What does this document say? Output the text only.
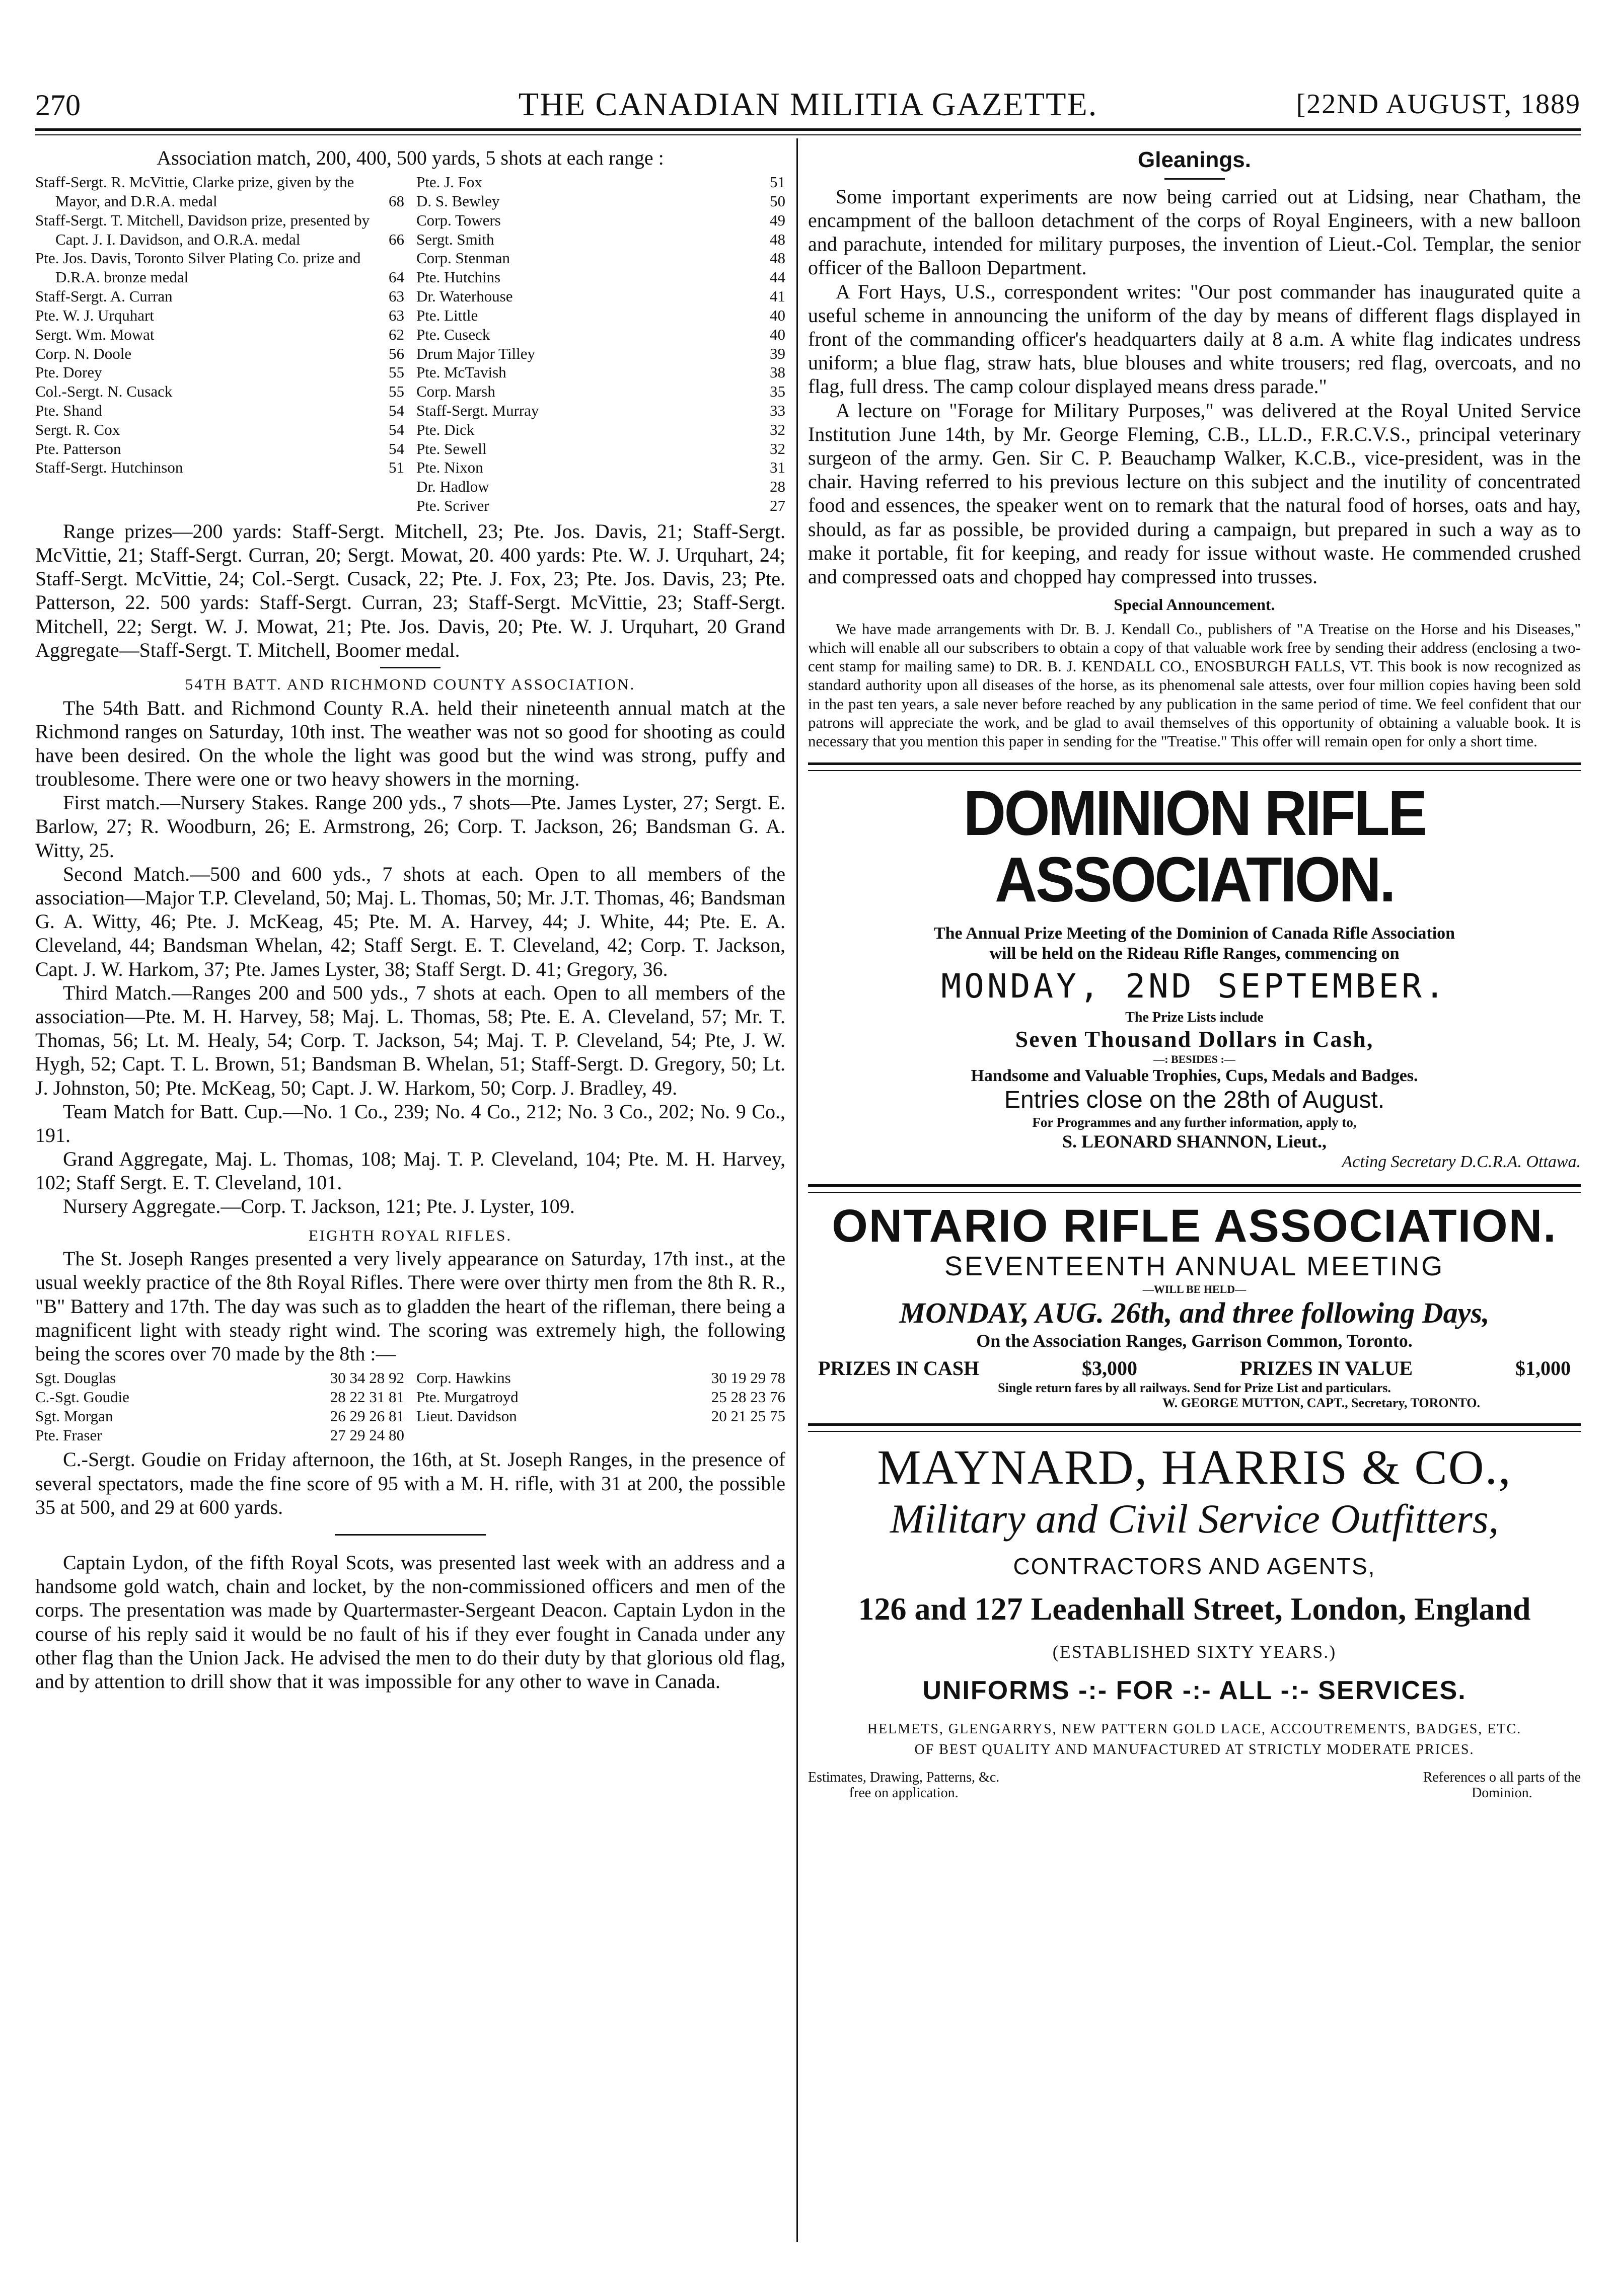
270	THE CANADIAN MILITIA GAZETTE.	[22ND AUGUST, 1889

Association match, 200, 400, 500 yards, 5 shots at each range :

Staff-Sergt. R. McVittie, Clarke prize, given by the Mayor, and D.R.A. medal	68
Staff-Sergt. T. Mitchell, Davidson prize, presented by Capt. J. I. Davidson, and O.R.A. medal	66
Pte. Jos. Davis, Toronto Silver Plating Co. prize and D.R.A. bronze medal	64
Staff-Sergt. A. Curran	63
Pte. W. J. Urquhart	63
Sergt. Wm. Mowat	62
Corp. N. Doole	56
Pte. Dorey	55
Col.-Sergt. N. Cusack	55
Pte. Shand	54
Sergt. R. Cox	54
Pte. Patterson	54
Staff-Sergt. Hutchinson	51
Pte. J. Fox	51
D. S. Bewley	50
Corp. Towers	49
Sergt. Smith	48
Corp. Stenman	48
Pte. Hutchins	44
Dr. Waterhouse	41
Pte. Little	40
Pte. Cuseck	40
Drum Major Tilley	39
Pte. McTavish	38
Corp. Marsh	35
Staff-Sergt. Murray	33
Pte. Dick	32
Pte. Sewell	32
Pte. Nixon	31
Dr. Hadlow	28
Pte. Scriver	27

Range prizes—200 yards: Staff-Sergt. Mitchell, 23; Pte. Jos. Davis, 21; Staff-Sergt. McVittie, 21; Staff-Sergt. Curran, 20; Sergt. Mowat, 20. 400 yards: Pte. W. J. Urquhart, 24; Staff-Sergt. McVittie, 24; Col.-Sergt. Cusack, 22; Pte. J. Fox, 23; Pte. Jos. Davis, 23; Pte. Patterson, 22. 500 yards: Staff-Sergt. Curran, 23; Staff-Sergt. McVittie, 23; Staff-Sergt. Mitchell, 22; Sergt. W. J. Mowat, 21; Pte. Jos. Davis, 20; Pte. W. J. Urquhart, 20 Grand Aggregate—Staff-Sergt. T. Mitchell, Boomer medal.

54TH BATT. AND RICHMOND COUNTY ASSOCIATION.

The 54th Batt. and Richmond County R.A. held their nineteenth annual match at the Richmond ranges on Saturday, 10th inst. The weather was not so good for shooting as could have been desired. On the whole the light was good but the wind was strong, puffy and troublesome. There were one or two heavy showers in the morning.

First match.—Nursery Stakes. Range 200 yds., 7 shots—Pte. James Lyster, 27; Sergt. E. Barlow, 27; R. Woodburn, 26; E. Armstrong, 26; Corp. T. Jackson, 26; Bandsman G. A. Witty, 25.

Second Match.—500 and 600 yds., 7 shots at each. Open to all members of the association—Major T.P. Cleveland, 50; Maj. L. Thomas, 50; Mr. J.T. Thomas, 46; Bandsman G. A. Witty, 46; Pte. J. McKeag, 45; Pte. M. A. Harvey, 44; J. White, 44; Pte. E. A. Cleveland, 44; Bandsman Whelan, 42; Staff Sergt. E. T. Cleveland, 42; Corp. T. Jackson, Capt. J. W. Harkom, 37; Pte. James Lyster, 38; Staff Sergt. D. 41; Gregory, 36.

Third Match.—Ranges 200 and 500 yds., 7 shots at each. Open to all members of the association—Pte. M. H. Harvey, 58; Maj. L. Thomas, 58; Pte. E. A. Cleveland, 57; Mr. T. Thomas, 56; Lt. M. Healy, 54; Corp. T. Jackson, 54; Maj. T. P. Cleveland, 54; Pte, J. W. Hygh, 52; Capt. T. L. Brown, 51; Bandsman B. Whelan, 51; Staff-Sergt. D. Gregory, 50; Lt. J. Johnston, 50; Pte. McKeag, 50; Capt. J. W. Harkom, 50; Corp. J. Bradley, 49.

Team Match for Batt. Cup.—No. 1 Co., 239; No. 4 Co., 212; No. 3 Co., 202; No. 9 Co., 191.

Grand Aggregate, Maj. L. Thomas, 108; Maj. T. P. Cleveland, 104; Pte. M. H. Harvey, 102; Staff Sergt. E. T. Cleveland, 101.

Nursery Aggregate.—Corp. T. Jackson, 121; Pte. J. Lyster, 109.

EIGHTH ROYAL RIFLES.

The St. Joseph Ranges presented a very lively appearance on Saturday, 17th inst., at the usual weekly practice of the 8th Royal Rifles. There were over thirty men from the 8th R. R., "B" Battery and 17th. The day was such as to gladden the heart of the rifleman, there being a magnificent light with steady right wind. The scoring was extremely high, the following being the scores over 70 made by the 8th :—

Sgt. Douglas	30 34 28 92
C.-Sgt. Goudie	28 22 31 81
Sgt. Morgan	26 29 26 81
Pte. Fraser	27 29 24 80
Corp. Hawkins	30 19 29 78
Pte. Murgatroyd	25 28 23 76
Lieut. Davidson	20 21 25 75

C.-Sergt. Goudie on Friday afternoon, the 16th, at St. Joseph Ranges, in the presence of several spectators, made the fine score of 95 with a M. H. rifle, with 31 at 200, the possible 35 at 500, and 29 at 600 yards.

Captain Lydon, of the fifth Royal Scots, was presented last week with an address and a handsome gold watch, chain and locket, by the non-commissioned officers and men of the corps. The presentation was made by Quartermaster-Sergeant Deacon. Captain Lydon in the course of his reply said it would be no fault of his if they ever fought in Canada under any other flag than the Union Jack. He advised the men to do their duty by that glorious old flag, and by attention to drill show that it was impossible for any other to wave in Canada.

Gleanings.

Some important experiments are now being carried out at Lidsing, near Chatham, the encampment of the balloon detachment of the corps of Royal Engineers, with a new balloon and parachute, intended for military purposes, the invention of Lieut.-Col. Templar, the senior officer of the Balloon Department.

A Fort Hays, U.S., correspondent writes: "Our post commander has inaugurated quite a useful scheme in announcing the uniform of the day by means of different flags displayed in front of the commanding officer's headquarters daily at 8 a.m. A white flag indicates undress uniform; a blue flag, straw hats, blue blouses and white trousers; red flag, overcoats, and no flag, full dress. The camp colour displayed means dress parade."

A lecture on "Forage for Military Purposes," was delivered at the Royal United Service Institution June 14th, by Mr. George Fleming, C.B., LL.D., F.R.C.V.S., principal veterinary surgeon of the army. Gen. Sir C. P. Beauchamp Walker, K.C.B., vice-president, was in the chair. Having referred to his previous lecture on this subject and the inutility of concentrated food and essences, the speaker went on to remark that the natural food of horses, oats and hay, should, as far as possible, be provided during a campaign, but prepared in such a way as to make it portable, fit for keeping, and ready for issue without waste. He commended crushed and compressed oats and chopped hay compressed into trusses.

Special Announcement.

We have made arrangements with Dr. B. J. Kendall Co., publishers of "A Treatise on the Horse and his Diseases," which will enable all our subscribers to obtain a copy of that valuable work free by sending their address (enclosing a two-cent stamp for mailing same) to DR. B. J. KENDALL CO., ENOSBURGH FALLS, VT. This book is now recognized as standard authority upon all diseases of the horse, as its phenomenal sale attests, over four million copies having been sold in the past ten years, a sale never before reached by any publication in the same period of time. We feel confident that our patrons will appreciate the work, and be glad to avail themselves of this opportunity of obtaining a valuable book. It is necessary that you mention this paper in sending for the "Treatise." This offer will remain open for only a short time.

DOMINION RIFLE ASSOCIATION.
The Annual Prize Meeting of the Dominion of Canada Rifle Association
will be held on the Rideau Rifle Ranges, commencing on
MONDAY, 2ND SEPTEMBER.
The Prize Lists include
Seven Thousand Dollars in Cash,
—: BESIDES :—
Handsome and Valuable Trophies, Cups, Medals and Badges.
Entries close on the 28th of August.
For Programmes and any further information, apply to,
S. LEONARD SHANNON, Lieut.,
Acting Secretary D.C.R.A. Ottawa.
ONTARIO RIFLE ASSOCIATION.
SEVENTEENTH ANNUAL MEETING
—WILL BE HELD—
MONDAY, AUG. 26th, and three following Days,
On the Association Ranges, Garrison Common, Toronto.
PRIZES IN CASH	$3,000	PRIZES IN VALUE	$1,000
Single return fares by all railways. Send for Prize List and particulars.
W. GEORGE MUTTON, CAPT., Secretary, TORONTO.
MAYNARD, HARRIS & CO.,
Military and Civil Service Outfitters,
CONTRACTORS AND AGENTS,
126 and 127 Leadenhall Street, London, England
(ESTABLISHED SIXTY YEARS.)
UNIFORMS -:- FOR -:- ALL -:- SERVICES.
HELMETS, GLENGARRYS, NEW PATTERN GOLD LACE, ACCOUTREMENTS, BADGES, ETC.
OF BEST QUALITY AND MANUFACTURED AT STRICTLY MODERATE PRICES.
Estimates, Drawing, Patterns, &c.
free on application.
References o all parts of the
Dominion.
